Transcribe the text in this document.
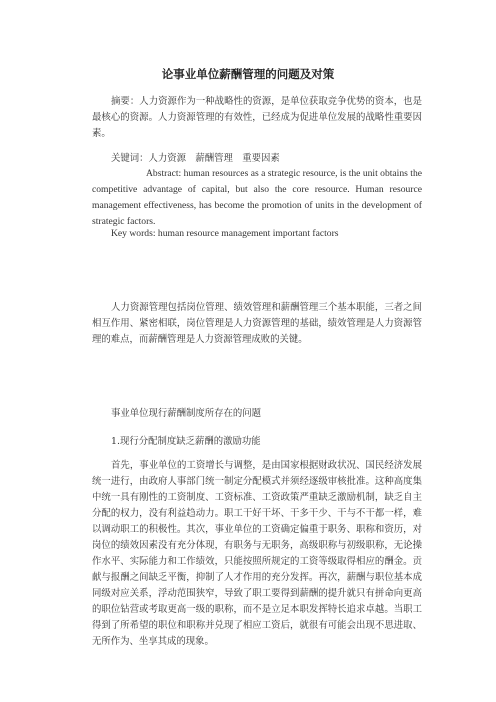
论事业单位薪酬管理的问题及对策

摘要：人力资源作为一种战略性的资源，是单位获取竞争优势的资本，也是最核心的资源。人力资源管理的有效性，已经成为促进单位发展的战略性重要因素。

关键词：人力资源　薪酬管理　重要因素

Abstract: human resources as a strategic resource, is the unit obtains the competitive advantage of capital, but also the core resource. Human resource management effectiveness, has become the promotion of units in the development of strategic factors.

Key words: human resource management important factors

人力资源管理包括岗位管理、绩效管理和薪酬管理三个基本职能，三者之间相互作用、紧密相联，岗位管理是人力资源管理的基础，绩效管理是人力资源管理的难点，而薪酬管理是人力资源管理成败的关键。

事业单位现行薪酬制度所存在的问题

1.现行分配制度缺乏薪酬的激励功能

首先，事业单位的工资增长与调整，是由国家根据财政状况、国民经济发展统一进行，由政府人事部门统一制定分配模式并须经逐级审核批准。这种高度集中统一具有刚性的工资制度、工资标准、工资政策严重缺乏激励机制，缺乏自主分配的权力，没有利益趋动力。职工干好干坏、干多干少、干与不干都一样，难以调动职工的积极性。其次，事业单位的工资确定偏重于职务、职称和资历，对岗位的绩效因素没有充分体现，有职务与无职务，高级职称与初级职称，无论操作水平、实际能力和工作绩效，只能按照所规定的工资等级取得相应的酬金。贡献与报酬之间缺乏平衡，抑制了人才作用的充分发挥。再次，薪酬与职位基本成同级对应关系，浮动范围狭窄，导致了职工要得到薪酬的提升就只有拼命向更高的职位钻营或考取更高一级的职称，而不是立足本职发挥特长追求卓越。当职工得到了所希望的职位和职称并兑现了相应工资后，就很有可能会出现不思进取、无所作为、坐享其成的现象。
